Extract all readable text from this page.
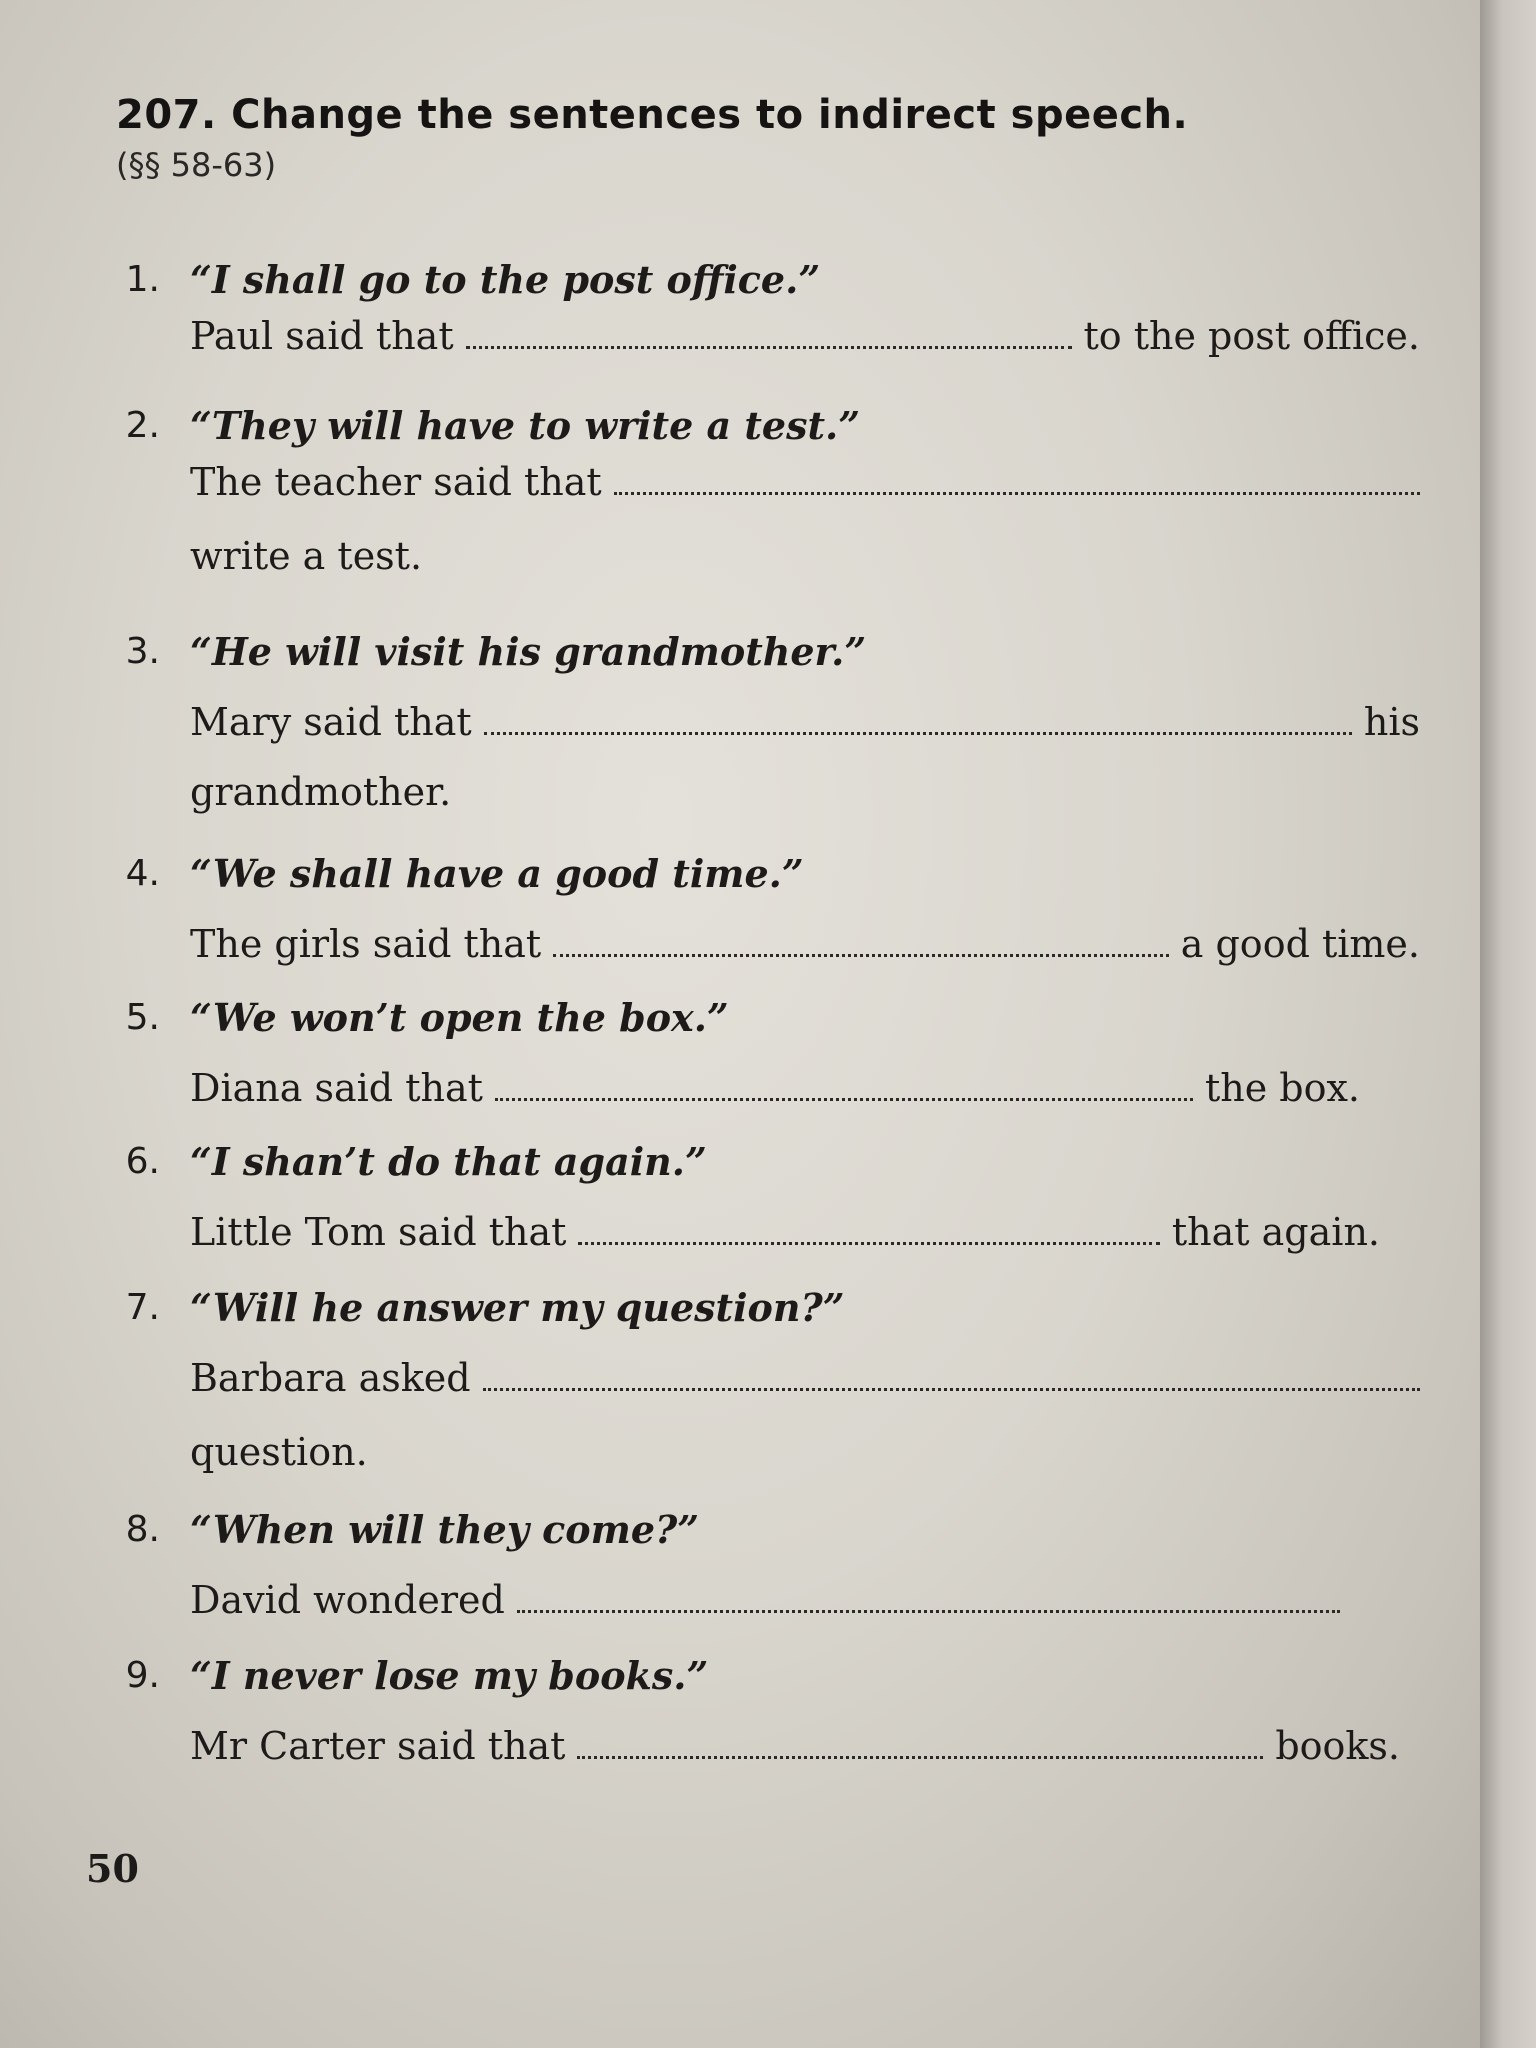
207. Change the sentences to indirect speech.
(§§ 58-63)
1. “I shall go to the post office.”
Paul said that	to the post office.
2. “They will have to write a test.”
The teacher said that
write a test.
3. “He will visit his grandmother.”
Mary said that	his
grandmother.
4. “We shall have a good time.”
The girls said that	a good time.
5. “We won’t open the box.”
Diana said that	the box.
6. “I shan’t do that again.”
Little Tom said that	that again.
7. “Will he answer my question?”
Barbara asked
question.
8. “When will they come?”
David wondered
9. “I never lose my books.”
Mr Carter said that	books.
50
